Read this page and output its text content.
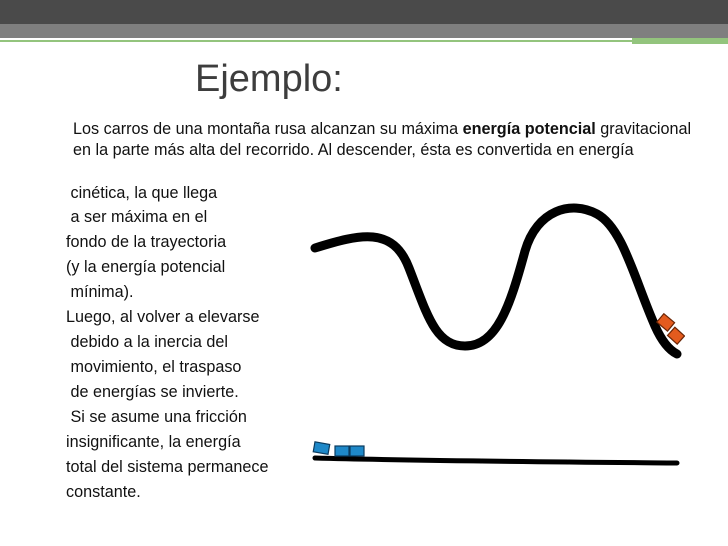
Ejemplo:
Los carros de una montaña rusa alcanzan su máxima energía potencial gravitacional en la parte más alta del recorrido. Al descender, ésta es convertida en energía
cinética, la que llega
a ser máxima en el
fondo de la trayectoria
(y la energía potencial
mínima).
Luego, al volver a elevarse
debido a la inercia del
movimiento, el traspaso
de energías se invierte.
Si se asume una fricción
insignificante, la energía
total del sistema permanece
constante.
